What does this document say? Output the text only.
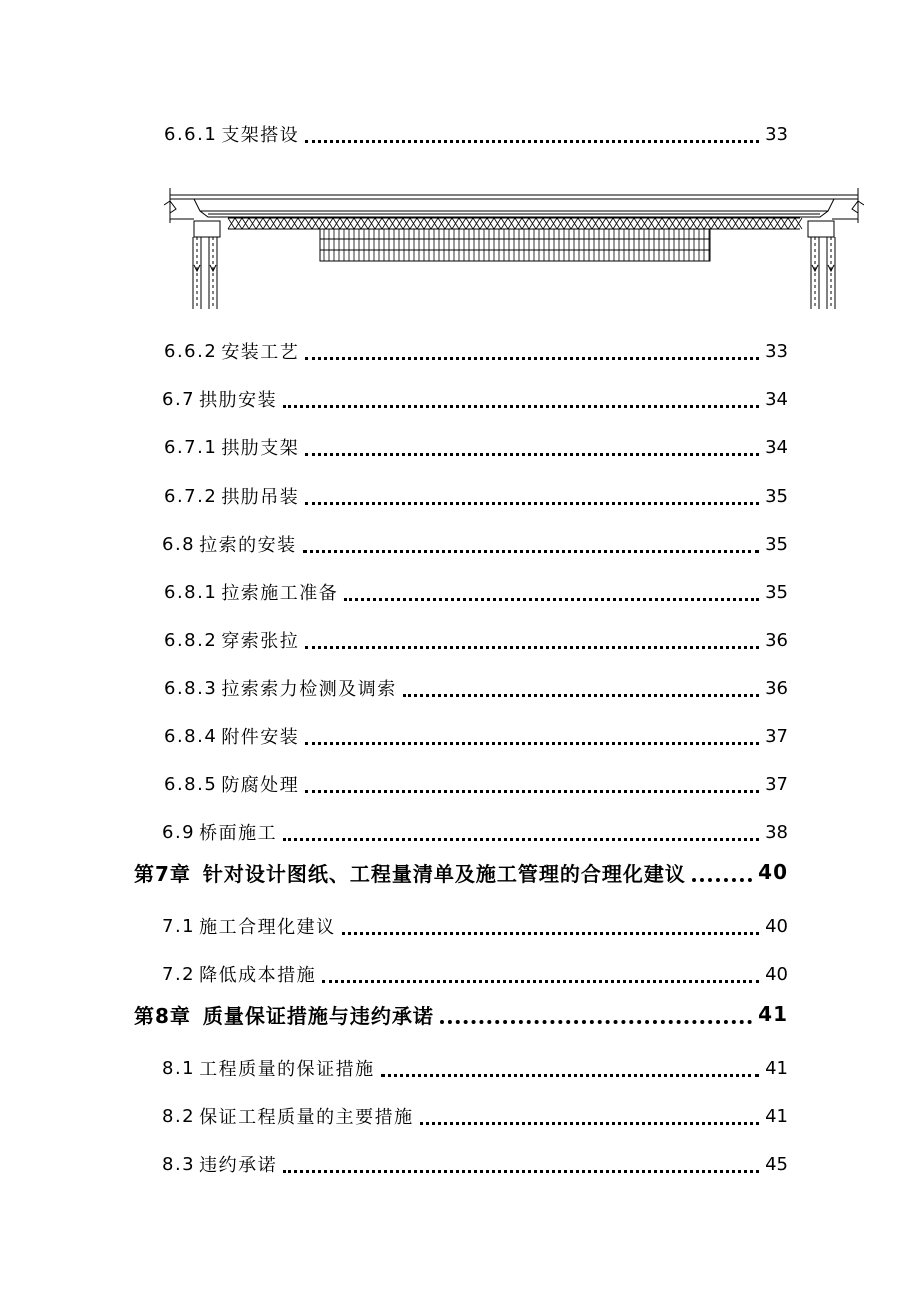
6.6.1 支架搭设	33
6.6.2 安装工艺	33
6.7 拱肋安装	34
6.7.1 拱肋支架	34
6.7.2 拱肋吊装	35
6.8 拉索的安装	35
6.8.1 拉索施工准备	35
6.8.2 穿索张拉	36
6.8.3 拉索索力检测及调索	36
6.8.4 附件安装	37
6.8.5 防腐处理	37
6.9 桥面施工	38
第7章 针对设计图纸、工程量清单及施工管理的合理化建议	40
7.1 施工合理化建议	40
7.2 降低成本措施	40
第8章 质量保证措施与违约承诺	41
8.1 工程质量的保证措施	41
8.2 保证工程质量的主要措施	41
8.3 违约承诺	45
